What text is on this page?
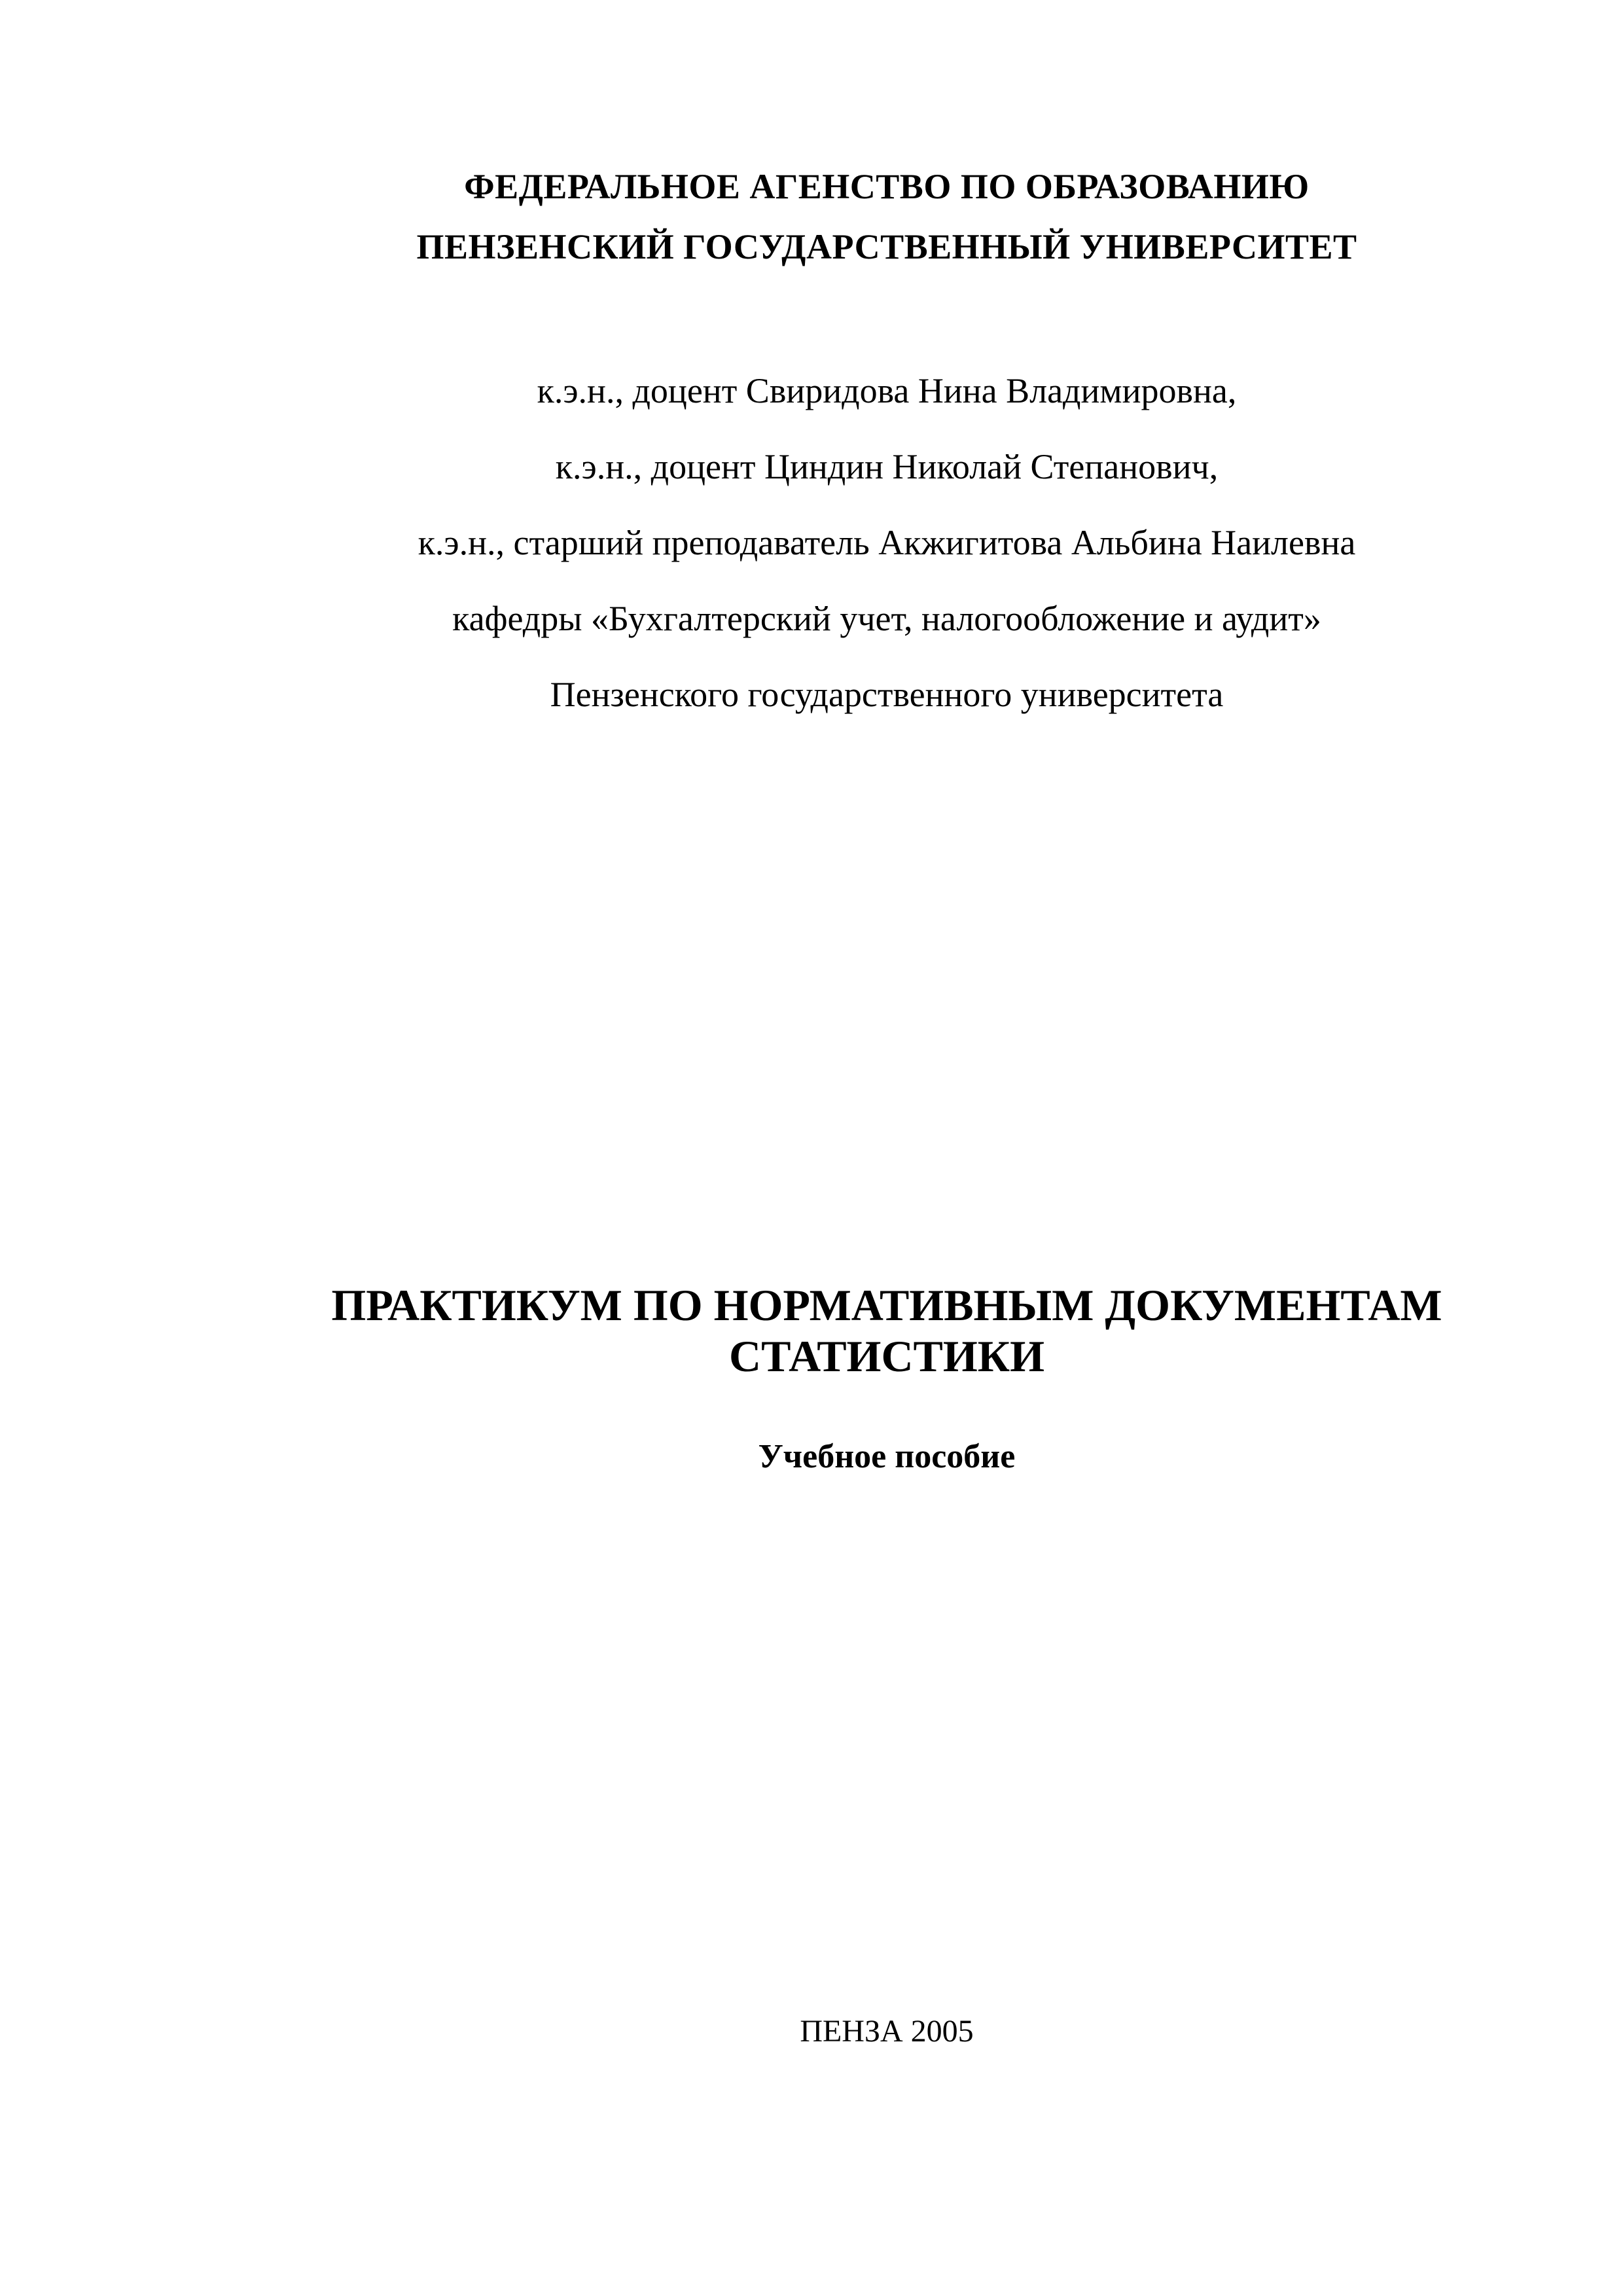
ФЕДЕРАЛЬНОЕ АГЕНСТВО ПО ОБРАЗОВАНИЮ
ПЕНЗЕНСКИЙ ГОСУДАРСТВЕННЫЙ УНИВЕРСИТЕТ
к.э.н., доцент Свиридова Нина Владимировна,
к.э.н., доцент Циндин Николай Степанович,
к.э.н., старший преподаватель Акжигитова Альбина Наилевна
кафедры «Бухгалтерский учет, налогообложение и аудит»
Пензенского государственного университета
ПРАКТИКУМ ПО НОРМАТИВНЫМ ДОКУМЕНТАМ
СТАТИСТИКИ
Учебное пособие
ПЕНЗА 2005
